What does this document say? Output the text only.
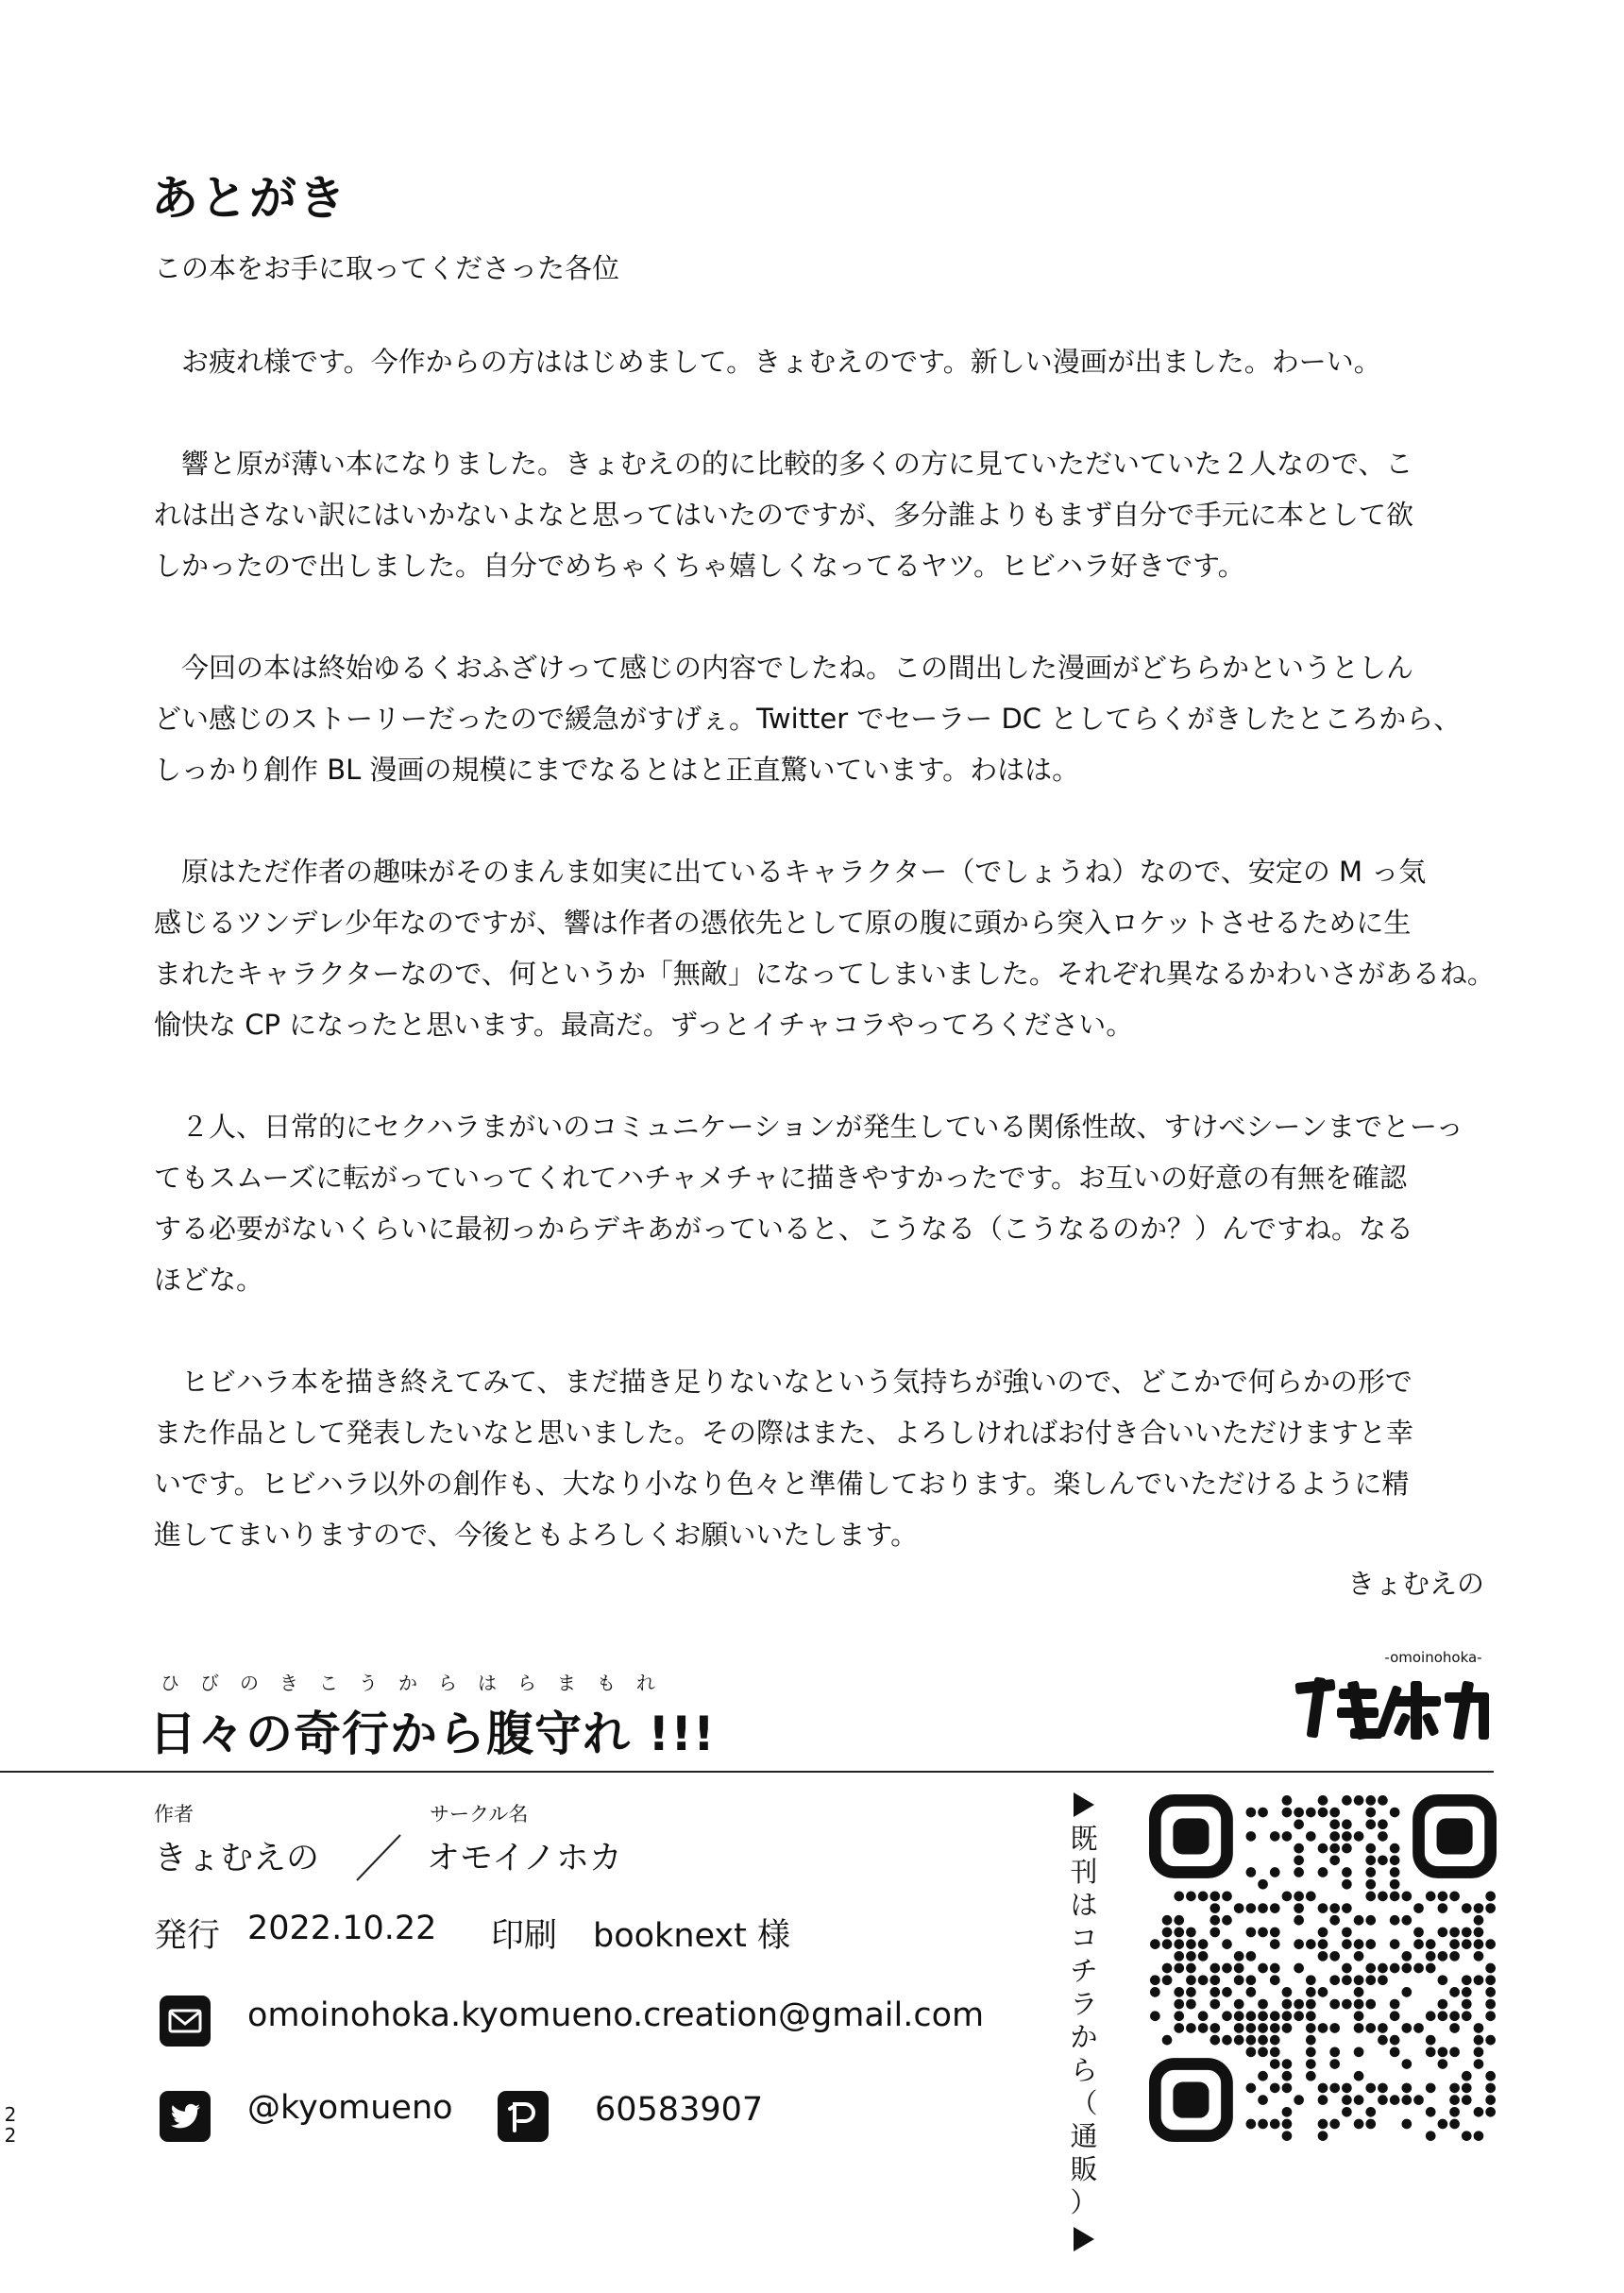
あとがき
この本をお手に取ってくださった各位

お疲れ様です。今作からの方ははじめまして。きょむえのです。新しい漫画が出ました。わーい。

響と原が薄い本になりました。きょむえの的に比較的多くの方に見ていただいていた２人なので、こ
れは出さない訳にはいかないよなと思ってはいたのですが、多分誰よりもまず自分で手元に本として欲
しかったので出しました。自分でめちゃくちゃ嬉しくなってるヤツ。ヒビハラ好きです。

今回の本は終始ゆるくおふざけって感じの内容でしたね。この間出した漫画がどちらかというとしん
どい感じのストーリーだったので緩急がすげぇ。Twitter でセーラー DC としてらくがきしたところから、
しっかり創作 BL 漫画の規模にまでなるとはと正直驚いています。わはは。

原はただ作者の趣味がそのまんま如実に出ているキャラクター（でしょうね）なので、安定の M っ気
感じるツンデレ少年なのですが、響は作者の憑依先として原の腹に頭から突入ロケットさせるために生
まれたキャラクターなので、何というか「無敵」になってしまいました。それぞれ異なるかわいさがあるね。
愉快な CP になったと思います。最高だ。ずっとイチャコラやってろください。

２人、日常的にセクハラまがいのコミュニケーションが発生している関係性故、すけべシーンまでとーっ
てもスムーズに転がっていってくれてハチャメチャに描きやすかったです。お互いの好意の有無を確認
する必要がないくらいに最初っからデキあがっていると、こうなる（こうなるのか？）んですね。なる
ほどな。

ヒビハラ本を描き終えてみて、まだ描き足りないなという気持ちが強いので、どこかで何らかの形で
また作品として発表したいなと思いました。その際はまた、よろしければお付き合いいただけますと幸
いです。ヒビハラ以外の創作も、大なり小なり色々と準備しております。楽しんでいただけるように精
進してまいりますので、今後ともよろしくお願いいたします。

きょむえの
ひびのきこうからはらまもれ
日々の奇行から腹守れ !!!
-omoinohoka-
作者	サークル名
きょむえの	オモイノホカ
発行 2022.10.22 印刷 booknext 様
omoinohoka.kyomueno.creation@gmail.com
@kyomueno	60583907
既
刊
は
コ
チ
ラ
か
ら
（
通
販
）
2
2
